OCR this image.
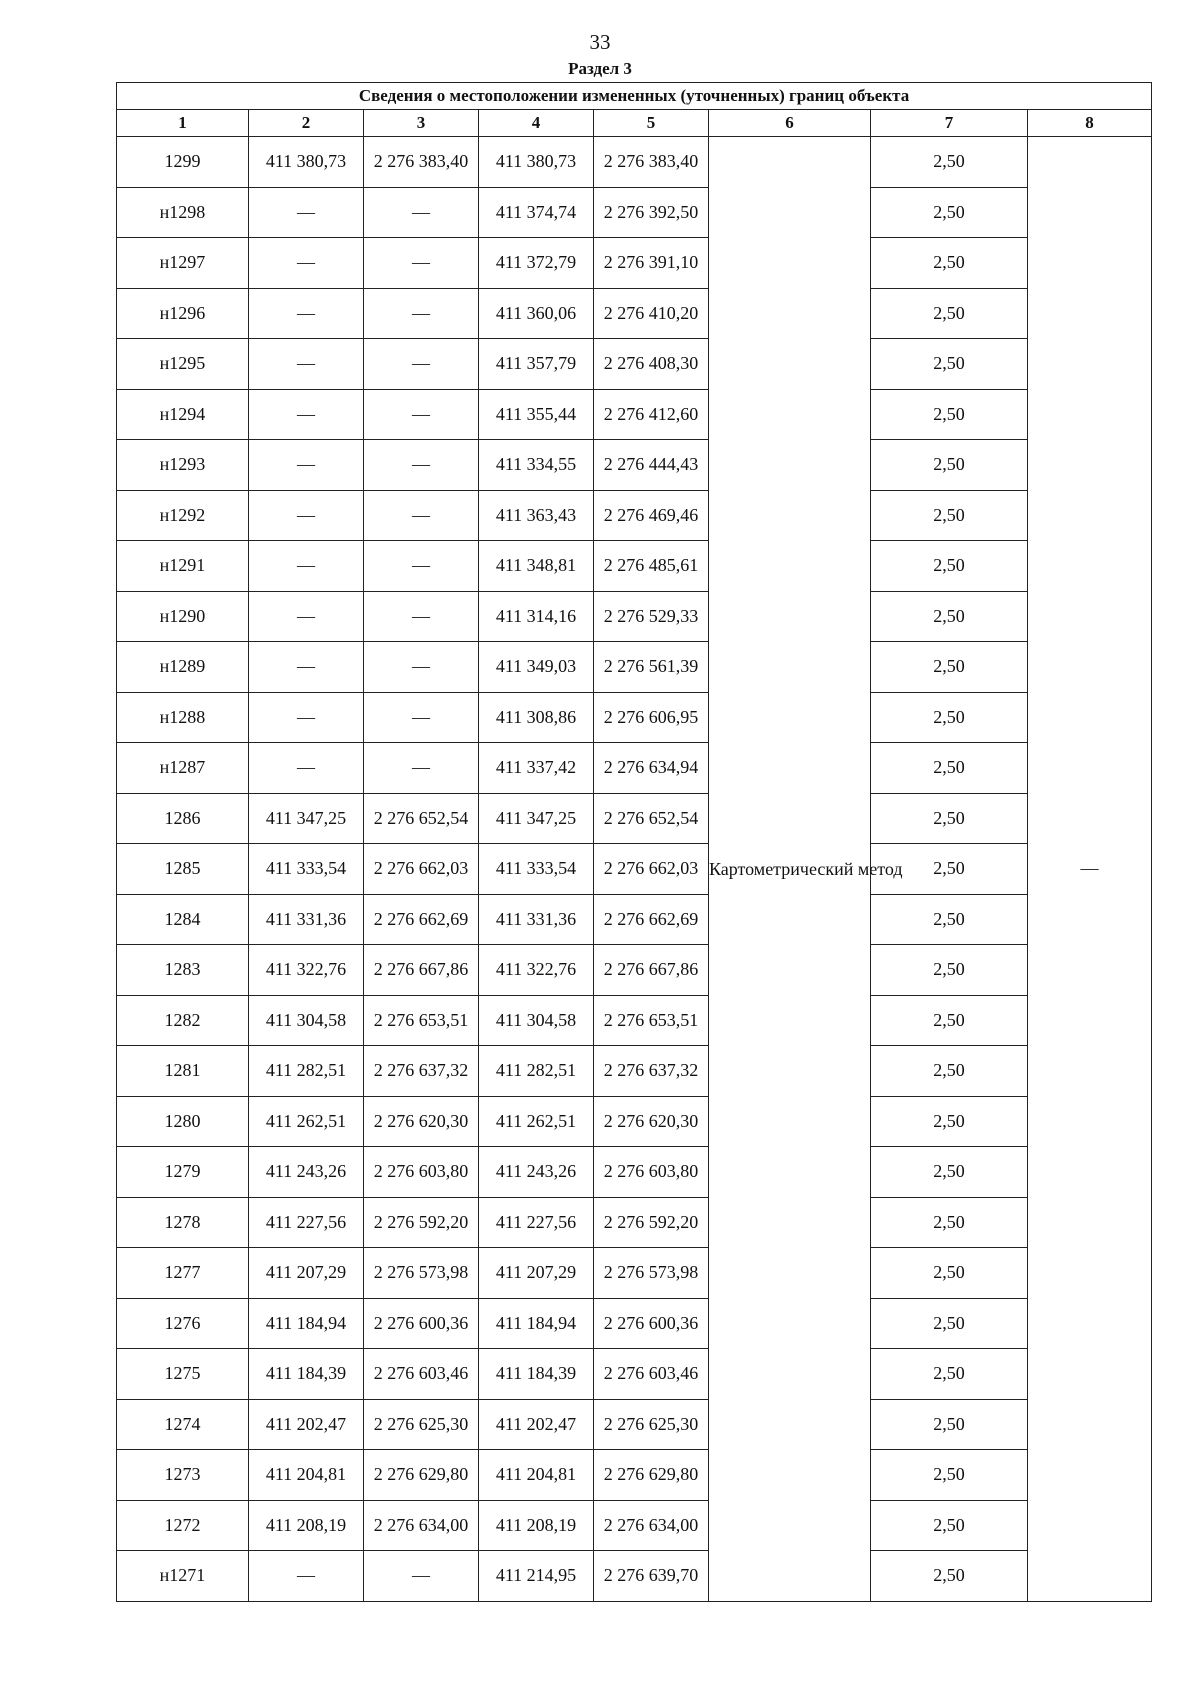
33
Раздел 3
Сведения о местоположении измененных (уточненных) границ объекта							
1	2	3	4	5	6	7	8
1299	411 380,73	2 276 383,40	411 380,73	2 276 383,40	Картометрический метод	2,50	—
н1298	—	—	411 374,74	2 276 392,50		2,50	
н1297	—	—	411 372,79	2 276 391,10		2,50	
н1296	—	—	411 360,06	2 276 410,20		2,50	
н1295	—	—	411 357,79	2 276 408,30		2,50	
н1294	—	—	411 355,44	2 276 412,60		2,50	
н1293	—	—	411 334,55	2 276 444,43		2,50	
н1292	—	—	411 363,43	2 276 469,46		2,50	
н1291	—	—	411 348,81	2 276 485,61		2,50	
н1290	—	—	411 314,16	2 276 529,33		2,50	
н1289	—	—	411 349,03	2 276 561,39		2,50	
н1288	—	—	411 308,86	2 276 606,95		2,50	
н1287	—	—	411 337,42	2 276 634,94		2,50	
1286	411 347,25	2 276 652,54	411 347,25	2 276 652,54		2,50	
1285	411 333,54	2 276 662,03	411 333,54	2 276 662,03		2,50	
1284	411 331,36	2 276 662,69	411 331,36	2 276 662,69		2,50	
1283	411 322,76	2 276 667,86	411 322,76	2 276 667,86		2,50	
1282	411 304,58	2 276 653,51	411 304,58	2 276 653,51		2,50	
1281	411 282,51	2 276 637,32	411 282,51	2 276 637,32		2,50	
1280	411 262,51	2 276 620,30	411 262,51	2 276 620,30		2,50	
1279	411 243,26	2 276 603,80	411 243,26	2 276 603,80		2,50	
1278	411 227,56	2 276 592,20	411 227,56	2 276 592,20		2,50	
1277	411 207,29	2 276 573,98	411 207,29	2 276 573,98		2,50	
1276	411 184,94	2 276 600,36	411 184,94	2 276 600,36		2,50	
1275	411 184,39	2 276 603,46	411 184,39	2 276 603,46		2,50	
1274	411 202,47	2 276 625,30	411 202,47	2 276 625,30		2,50	
1273	411 204,81	2 276 629,80	411 204,81	2 276 629,80		2,50	
1272	411 208,19	2 276 634,00	411 208,19	2 276 634,00		2,50	
н1271	—	—	411 214,95	2 276 639,70		2,50	
